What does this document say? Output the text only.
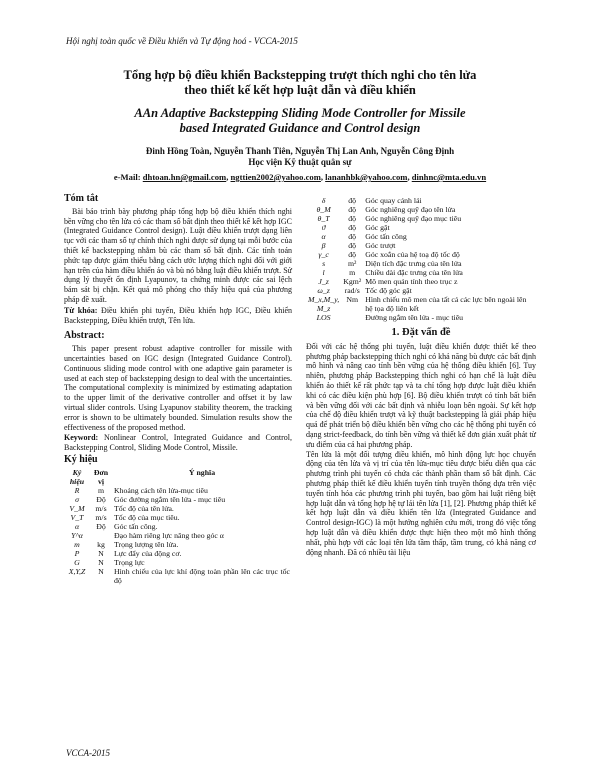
Hội nghị toàn quốc về Điều khiển và Tự động hoá - VCCA-2015
Tổng hợp bộ điều khiển Backstepping trượt thích nghi cho tên lửa
theo thiết kế kết hợp luật dẫn và điều khiển
AAn Adaptive Backstepping Sliding Mode Controller for Missile
based Integrated Guidance and Control design
Đinh Hồng Toàn, Nguyễn Thanh Tiên, Nguyễn Thị Lan Anh, Nguyễn Công Định
Học viện Kỹ thuật quân sự
e-Mail: dhtoan.hn@gmail.com, ngttien2002@yahoo.com, lananhbk@yahoo.com, dinhnc@mta.edu.vn
Tóm tắt
Bài báo trình bày phương pháp tổng hợp bộ điều khiển thích nghi bền vững cho tên lửa có các tham số bất định theo thiết kế kết hợp IGC (Integrated Guidance Control design). Luật điều khiển trượt dạng liên tục với các tham số tự chỉnh thích nghi được sử dụng tại mỗi bước của thiết kế backstepping nhằm bù các tham số bất định. Các tính toán phức tạp được giảm thiểu bằng cách ước lượng thích nghi đối với giới hạn trên của hàm điều khiển ảo và bù nó bằng luật điều khiển trượt. Sử dụng lý thuyết ổn định Lyapunov, ta chứng minh được các sai lệch bám sát bị chặn. Kết quả mô phỏng cho thấy hiệu quả của phương pháp đề xuất.
Từ khóa: Điều khiển phi tuyến, Điều khiển hợp IGC, Điều khiển Backstepping, Điều khiển trượt, Tên lửa.
Abstract:
This paper present robust adaptive controller for missile with uncertainties based on IGC design (Integrated Guidance Control). Continuous sliding mode control with one adaptive gain parameter is used at each step of backstepping design to deal with the uncertainties. The computational complexity is minimized by estimating adaptation to the upper limit of the derivative controller and offset it by law virtual slider controls. Using Lyapunov stability theorem, the tracking error is shown to be ultimately bounded. Simulation results show the effectiveness of the proposed method.
Keyword: Nonlinear Control, Integrated Guidance and Control, Backstepping Control, Sliding Mode Control, Missile.
Ký hiệu
Ký hiệu	Đơn vị	Ý nghĩa
R	m	Khoảng cách tên lửa-mục tiêu
σ	Độ	Góc đường ngắm tên lửa - mục tiêu
V_M	m/s	Tốc độ của tên lửa.
V_T	m/s	Tốc độ của mục tiêu.
α	Độ	Góc tấn công.
Y^α		Đạo hàm riêng lực nâng theo góc α
m	kg	Trọng lượng tên lửa.
P	N	Lực đẩy của động cơ.
G	N	Trọng lực
X,Y,Z	N	Hình chiếu của lực khí động toàn phần lên các trục tốc độ
δ	độ	Góc quay cánh lái
θ_M	độ	Góc nghiêng quỹ đạo tên lửa
θ_T	độ	Góc nghiêng quỹ đạo mục tiêu
ϑ	độ	Góc gật
α	độ	Góc tấn công
β	độ	Góc trượt
γ_c	độ	Góc xoắn của hệ toạ độ tốc độ
s	m²	Diện tích đặc trưng của tên lửa
l	m	Chiều dài đặc trưng của tên lửa
J_z	Kgm²	Mô men quán tính theo trục z
ω_z	rad/s	Tốc độ góc gật
M_x,M_y, M_z	Nm	Hình chiếu mô men của tất cả các lực bên ngoài lên hệ tọa độ liên kết
LOS		Đường ngắm tên lửa - mục tiêu
1. Đặt vấn đề

Đối với các hệ thống phi tuyến, luật điều khiển được thiết kế theo phương pháp backstepping thích nghi có khả năng bù được các bất định mô hình và nâng cao tính bền vững của hệ thống điều khiển [6]. Tuy nhiên, phương pháp Backstepping thích nghi có hạn chế là luật điều khiển ảo thiết kế rất phức tạp và ta chỉ tổng hợp được luật điều khiển khi có các điều kiện phù hợp [6]. Bộ điều khiển trượt có tính bất biến và bền vững đối với các bất định và nhiễu loạn bên ngoài. Sự kết hợp của chế độ điều khiển trượt và kỹ thuật backstepping là giải pháp hiệu quả để phát triển bộ điều khiển bền vững cho các hệ thống phi tuyến có dạng strict-feedback, do tính bền vững và thiết kế đơn giản xuất phát từ ưu điểm của cả hai phương pháp.

Tên lửa là một đối tượng điều khiển, mô hình động lực học chuyển động của tên lửa và vị trí của tên lửa-mục tiêu được biểu diễn qua các phương trình phi tuyến có chứa các thành phần tham số bất định. Các phương pháp thiết kế điều khiển tuyến tính truyền thống dựa trên việc tuyến tính hóa các phương trình phi tuyến, bao gồm hai luật riêng biệt hợp luật dẫn và tổng hợp hệ tự lái tên lửa [1], [2]. Phương pháp thiết kế kết hợp luật dẫn và điều khiển tên lửa (Integrated Guidance and Control design-IGC) là một hướng nghiên cứu mới, trong đó việc tổng hợp luật dẫn và điều khiển được thực hiện theo một mô hình thống nhất, phù hợp với các loại tên lửa tầm thấp, tầm trung, có khả năng cơ động nhanh. Đã có nhiều tài liệu

VCCA-2015
